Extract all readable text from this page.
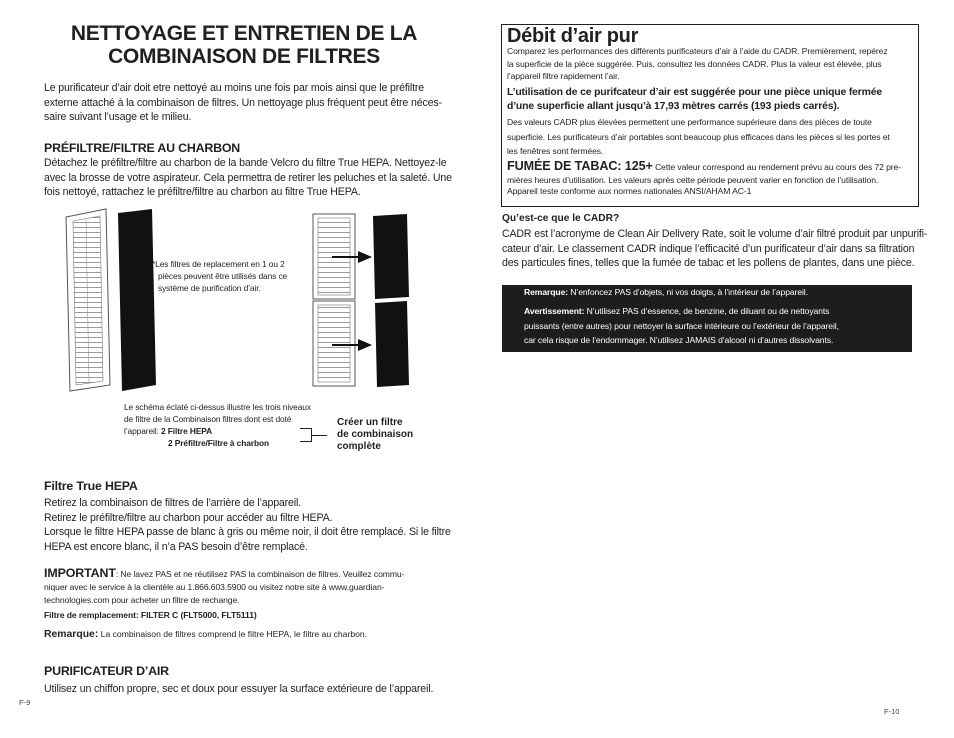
NETTOYAGE ET ENTRETIEN DE LA
COMBINAISON DE FILTRES
Le purificateur d’air doit etre nettoyé au moins une fois par mois ainsi que le préfiltre
externe attaché à la combinaison de filtres. Un nettoyage plus fréquent peut être néces-
saire suivant l’usage et le milieu.
PRÉFILTRE/FILTRE AU CHARBON
Détachez le préfiltre/filtre au charbon de la bande Velcro du filtre True HEPA. Nettoyez-le
avec la brosse de votre aspirateur. Cela permettra de retirer les peluches et la saleté. Une
fois nettoyé, rattachez le préfiltre/filtre au charbon au filtre True HEPA.
*Les filtres de replacement en 1 ou 2
pièces peuvent être utilisés dans ce
système de purification d’air.
Le schéma éclaté ci-dessus illustre les trois niveaux
de filtre de la Combinaison filtres dont est doté
l’appareil: 2 Filtre HEPA
2 Préfiltre/Filtre à charbon
Créer un filtre
de combinaison
complète
Filtre True HEPA
Retirez la combinaison de filtres de l’arrière de l’appareil.
Retirez le préfiltre/filtre au charbon pour accéder au filtre HEPA.
Lorsque le filtre HEPA passe de blanc à gris ou même noir, il doit être remplacé. Si le filtre
HEPA est encore blanc, il n’a PAS besoin d’être remplacé.
IMPORTANT: Ne lavez PAS et ne réutilisez PAS la combinaison de filtres. Veuillez commu-
niquer avec le service à la clientèle au 1.866.603.5900 ou visitez notre site à www.guardian-
technologies.com pour acheter un filtre de rechange.
Filtre de remplacement: FILTER C (FLT5000, FLT5111)
Remarque: La combinaison de filtres comprend le filtre HEPA, le filtre au charbon.
PURIFICATEUR D’AIR
Utilisez un chiffon propre, sec et doux pour essuyer la surface extérieure de l’appareil.
F-9
Débit d’air pur
Comparez les performances des différents purificateurs d’air à l’aide du CADR. Premièrement, repérez
la superficie de la pièce suggérée. Puis, consultez les données CADR. Plus la valeur est élevée, plus
l’appareil filtre rapidement l’air.
L’utilisation de ce purifcateur d’air est suggérée pour une pièce unique fermée
d’une superficie allant jusqu’à 17,93 mètres carrés (193 pieds carrés).
Des valeurs CADR plus élevées permettent une performance supérieure dans des pièces de toute
superficie. Les purificateurs d’air portables sont beaucoup plus efficaces dans les pièces si les portes et
les fenêtres sont fermées.
FUMÉE DE TABAC: 125+ Cette valeur correspond au rendement prévu au cours des 72 pre-
mières heures d’utilisation. Les valeurs après cette période peuvent varier en fonction de l’utilisation.
Appareil teste conforme aux normes nationales ANSI/AHAM AC-1
Qu’est-ce que le CADR?
CADR est l’acronyme de Clean Air Delivery Rate, soit le volume d’air filtré produit par unpurifi-
cateur d’air. Le classement CADR indique l’efficacité d’un purificateur d’air dans sa filtration
des particules fines, telles que la fumée de tabac et les pollens de plantes, dans une pièce.
Remarque: N’enfoncez PAS d’objets, ni vos doigts, à l’intérieur de l’appareil.
Avertissement: N’utilisez PAS d’essence, de benzine, de diluant ou de nettoyants
puissants (entre autres) pour nettoyer la surface intérieure ou l’extérieur de l’appareil,
car cela risque de l’endommager. N’utilisez JAMAIS d’alcool ni d’autres dissolvants.
F-10
